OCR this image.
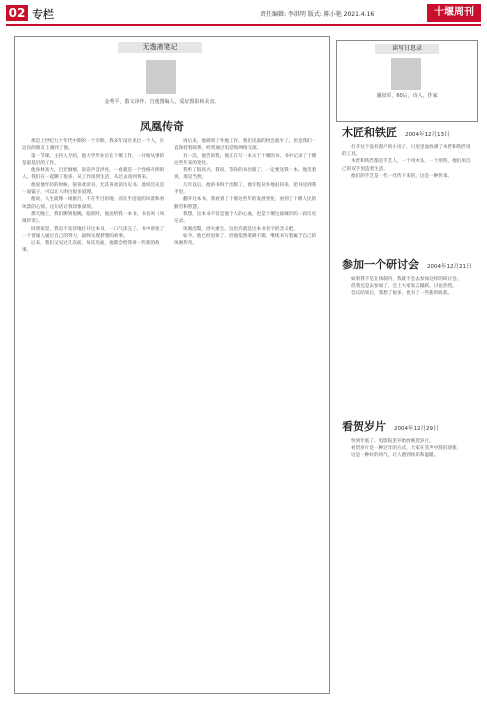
02 专栏	责任编辑: 李洪明 版式: 陈小艳 2021.4.16	十堰周刊
无逸斋笔记
金秀平，散文译作、自逸图编人，爱好摄影和美食。
凤凰传奇

那是上世纪九十年代中期的一个早期，我多年没有见过一个人，在这次的朋友上遇到了他。

第一节课，主持人介绍，他大学毕业后在十堰工作，一开始从事的是最基层的工作。

他身材高大，目光炯炯，说话声音洪亮，一看就是一个性格开朗的人。我们在一起聊了很多，从工作谈到生活，从过去谈到将来。

他说他年轻的时候，很喜欢读书，尤其喜欢读历史书。他说历史是一面镜子，可以让人明白很多道理。

他说，人生就像一场旅行，不在乎目的地，而在乎沿途的风景和看风景的心情。这句话让我印象深刻。

那天晚上，我们聊到很晚。临别时，他送给我一本书，书名叫《凤凰传奇》。

回到家里，我迫不及待地打开这本书，一口气读完了。书中讲述了一个普通人通过自己的努力，最终实现梦想的故事。

后来，我们又见过几次面，每次见面，他都会给我讲一些新的故事。

再后来，他调到了外地工作，我们见面的机会就少了。但是我们一直保持着联系，经常通过电话和网络交流。

有一次，他告诉我，他正在写一本关于十堰的书，书中记录了十堰这些年来的变化。

我听了很高兴，我说，等你的书出版了，一定要送我一本。他笑着说，那是当然。

几年以后，他的书终于出版了。他专程从外地赶回来，把书送到我手里。

翻开这本书，我看到了十堰这些年的发展变化，看到了十堰人民的勤劳和智慧。

我想，这本书不仅是他个人的心血，也是十堰这座城市的一段历史记录。

凤凰涅槃，浴火重生。这也许就是这本书名字的含义吧。

如今，他已经退休了，但他依然笔耕不辍，继续书写着属于自己的凤凰传奇。

读写日思录
潘叔军，60后，诗人，作家
木匠和铁匠 2004年12月13日

打开这个没有窗户的小房子，只见里面放满了木匠和铁匠用的工具。

木匠和铁匠都是手艺人，一个用木头，一个用铁，他们用自己的双手创造着生活。

他们的手艺是一代一代传下来的，这是一种传承。

参加一个研讨会 2004年12月21日

如果我不是在体制内，我就不会去参加这样的研讨会。

但我还是去参加了，会上大家发言踊跃，讨论热烈。

会议结束后，我想了很多，也有了一些新的收获。

看贺岁片 2004年12月29日

快到年底了，电影院里开始放映贺岁片。

看贺岁片是一种过年的方式，大家在笑声中辞旧迎新。

这是一种好的风气，让人感到快乐和温暖。
